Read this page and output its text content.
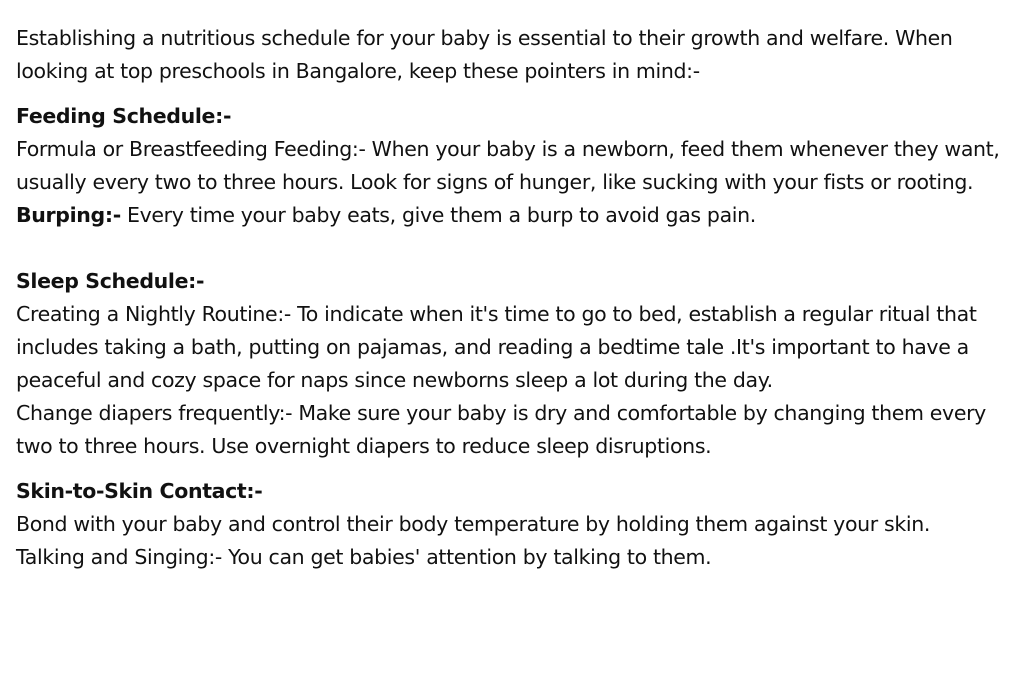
Establishing a nutritious schedule for your baby is essential to their growth and welfare. When looking at top preschools in Bangalore, keep these pointers in mind:-

Feeding Schedule:-

Formula or Breastfeeding Feeding:- When your baby is a newborn, feed them whenever they want, usually every two to three hours. Look for signs of hunger, like sucking with your fists or rooting.

Burping:- Every time your baby eats, give them a burp to avoid gas pain.

Sleep Schedule:-

Creating a Nightly Routine:- To indicate when it's time to go to bed, establish a regular ritual that includes taking a bath, putting on pajamas, and reading a bedtime tale .It's important to have a peaceful and cozy space for naps since newborns sleep a lot during the day.

Change diapers frequently:- Make sure your baby is dry and comfortable by changing them every two to three hours. Use overnight diapers to reduce sleep disruptions.

Skin-to-Skin Contact:-

Bond with your baby and control their body temperature by holding them against your skin.

Talking and Singing:- You can get babies' attention by talking to them.
